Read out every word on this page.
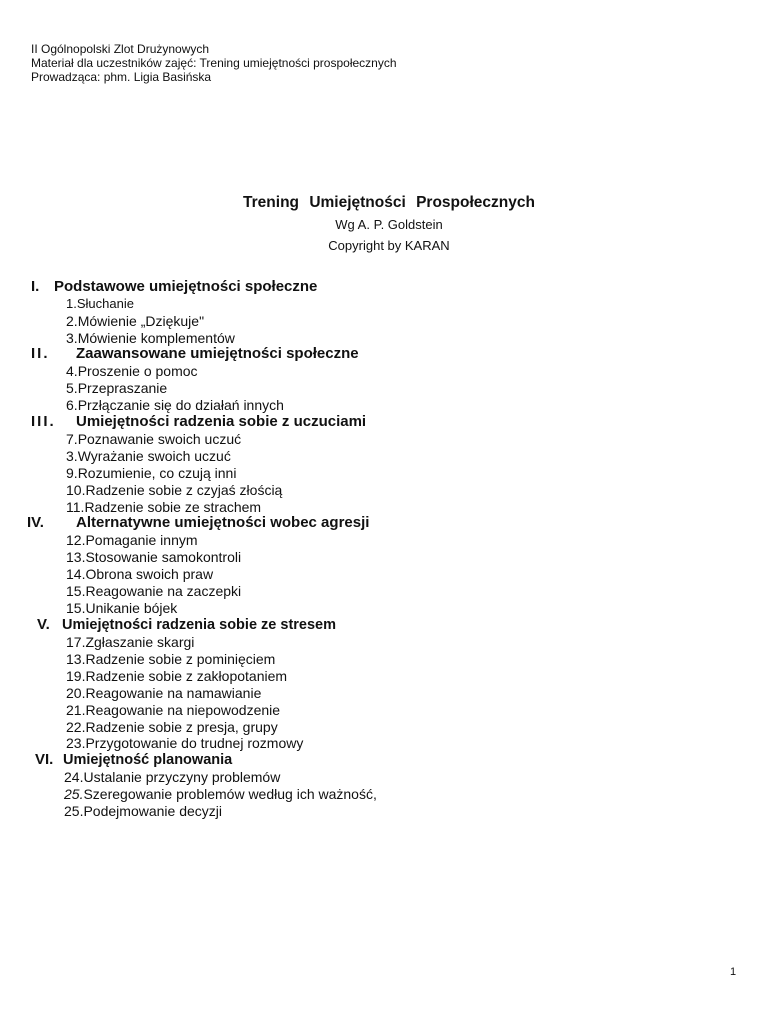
II Ogólnopolski Zlot Drużynowych
Materiał dla uczestników zajęć: Trening umiejętności prospołecznych
Prowadząca: phm. Ligia Basińska
Trening Umiejętności Prospołecznych
Wg A. P. Goldstein
Copyright by KARAN
I. Podstawowe umiejętności społeczne
1.Słuchanie
2.Mówienie „Dziękuje"
3.Mówienie komplementów
II. Zaawansowane umiejętności społeczne
4.Proszenie o pomoc
5.Przepraszanie
6.Przłączanie się do działań innych
III. Umiejętności radzenia sobie z uczuciami
7.Poznawanie swoich uczuć
3.Wyrażanie swoich uczuć
9.Rozumienie, co czują inni
10.Radzenie sobie z czyjaś złością
11.Radzenie sobie ze strachem
IV. Alternatywne umiejętności wobec agresji
12.Pomaganie innym
13.Stosowanie samokontroli
14.Obrona swoich praw
15.Reagowanie na zaczepki
15.Unikanie bójek
V. Umiejętności radzenia sobie ze stresem
17.Zgłaszanie skargi
13.Radzenie sobie z pominięciem
19.Radzenie sobie z zakłopotaniem
20.Reagowanie na namawianie
21.Reagowanie na niepowodzenie
22.Radzenie sobie z presja, grupy
23.Przygotowanie do trudnej rozmowy
VI. Umiejętność planowania
24.Ustalanie przyczyny problemów
25.Szeregowanie problemów według ich ważność,
25.Podejmowanie decyzji
1
